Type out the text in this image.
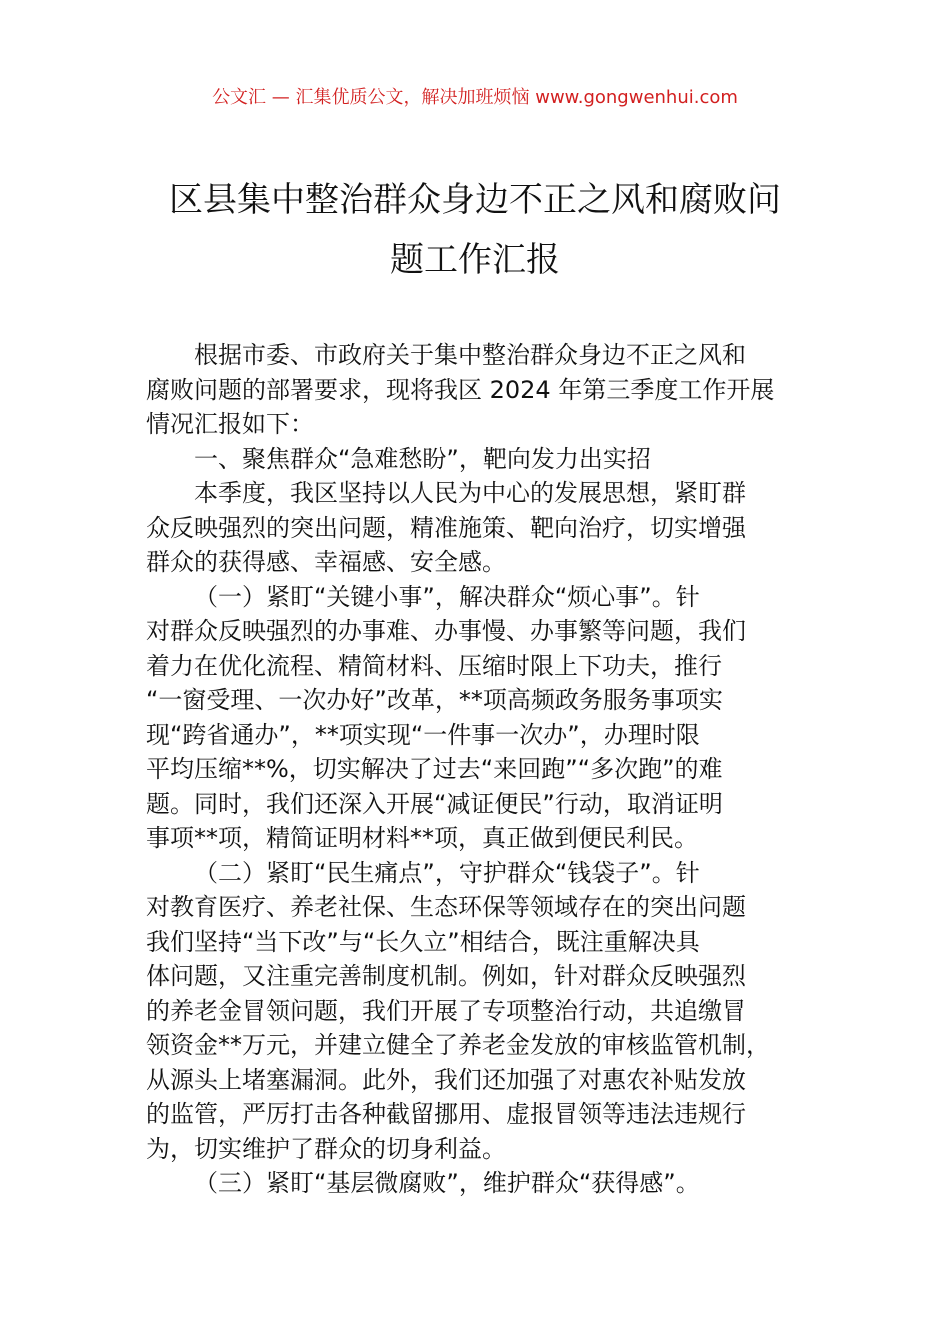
公文汇 — 汇集优质公文，解决加班烦恼 www.gongwenhui.com
区县集中整治群众身边不正之风和腐败问
题工作汇报

根据市委、市政府关于集中整治群众身边不正之风和
腐败问题的部署要求，现将我区 2024 年第三季度工作开展
情况汇报如下：

一、聚焦群众“急难愁盼”，靶向发力出实招

本季度，我区坚持以人民为中心的发展思想，紧盯群
众反映强烈的突出问题，精准施策、靶向治疗，切实增强
群众的获得感、幸福感、安全感。

（一）紧盯“关键小事”，解决群众“烦心事”。针
对群众反映强烈的办事难、办事慢、办事繁等问题，我们
着力在优化流程、精简材料、压缩时限上下功夫，推行
“一窗受理、一次办好”改革，**项高频政务服务事项实
现“跨省通办”，**项实现“一件事一次办”，办理时限
平均压缩**%，切实解决了过去“来回跑”“多次跑”的难
题。同时，我们还深入开展“减证便民”行动，取消证明
事项**项，精简证明材料**项，真正做到便民利民。

（二）紧盯“民生痛点”，守护群众“钱袋子”。针
对教育医疗、养老社保、生态环保等领域存在的突出问题
我们坚持“当下改”与“长久立”相结合，既注重解决具
体问题，又注重完善制度机制。例如，针对群众反映强烈
的养老金冒领问题，我们开展了专项整治行动，共追缴冒
领资金**万元，并建立健全了养老金发放的审核监管机制，
从源头上堵塞漏洞。此外，我们还加强了对惠农补贴发放
的监管，严厉打击各种截留挪用、虚报冒领等违法违规行
为，切实维护了群众的切身利益。

（三）紧盯“基层微腐败”，维护群众“获得感”。
